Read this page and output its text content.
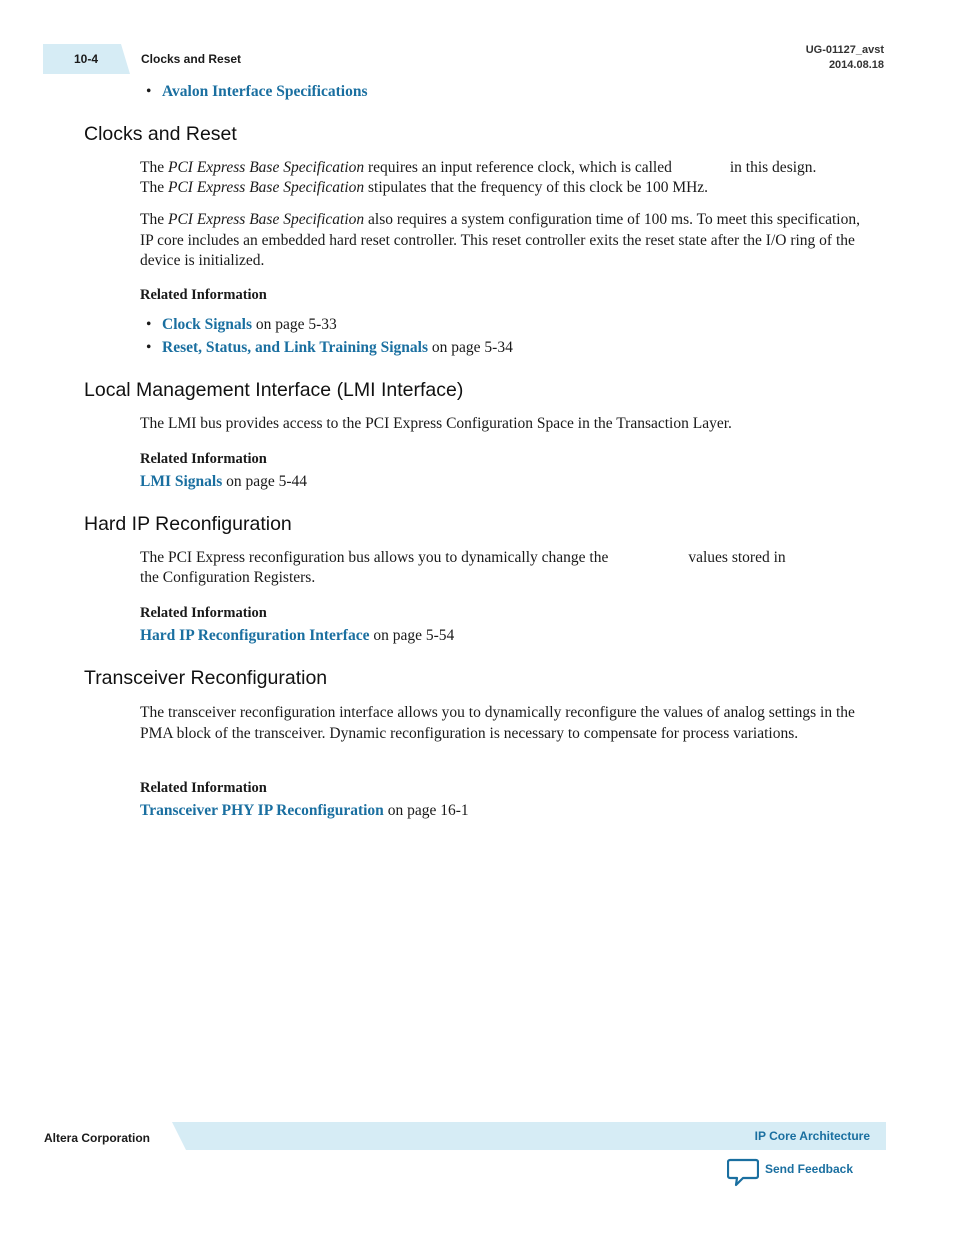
10-4	Clocks and Reset
UG-01127_avst
2014.08.18
• Avalon Interface Specifications
Clocks and Reset
The PCI Express Base Specification requires an input reference clock, which is called	in this design.
The PCI Express Base Specification stipulates that the frequency of this clock be 100 MHz.
The PCI Express Base Specification also requires a system configuration time of 100 ms. To meet this specification, IP core includes an embedded hard reset controller. This reset controller exits the reset state after the I/O ring of the device is initialized.
Related Information
• Clock Signals on page 5-33
• Reset, Status, and Link Training Signals on page 5-34
Local Management Interface (LMI Interface)
The LMI bus provides access to the PCI Express Configuration Space in the Transaction Layer.
Related Information
LMI Signals on page 5-44
Hard IP Reconfiguration
The PCI Express reconfiguration bus allows you to dynamically change the	values stored in
the Configuration Registers.
Related Information
Hard IP Reconfiguration Interface on page 5-54
Transceiver Reconfiguration
The transceiver reconfiguration interface allows you to dynamically reconfigure the values of analog settings in the PMA block of the transceiver. Dynamic reconfiguration is necessary to compensate for process variations.
Related Information
Transceiver PHY IP Reconfiguration on page 16-1
Altera Corporation	IP Core Architecture
Send Feedback
